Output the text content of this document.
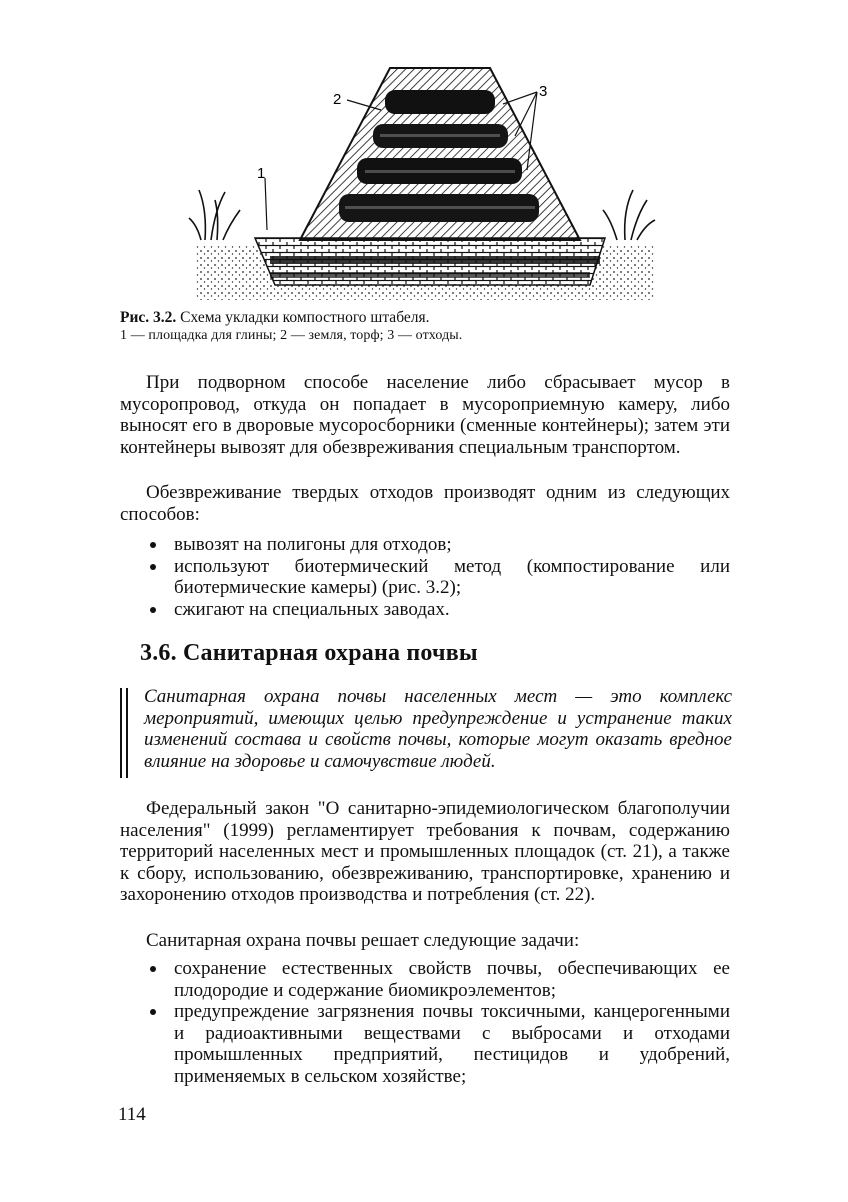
1
2	3
Рис. 3.2. Схема укладки компостного штабеля.
1 — площадка для глины; 2 — земля, торф; 3 — отходы.

При подворном способе население либо сбрасывает мусор в мусоропровод, откуда он попадает в мусороприемную камеру, либо выносят его в дворовые мусоросборники (сменные контейнеры); затем эти контейнеры вывозят для обезвреживания специальным транспортом.

Обезвреживание твердых отходов производят одним из следующих способов:

вывозят на полигоны для отходов;
используют биотермический метод (компостирование или биотермические камеры) (рис. 3.2);
сжигают на специальных заводах.
3.6. Санитарная охрана почвы

Санитарная охрана почвы населенных мест — это комплекс мероприятий, имеющих целью предупреждение и устранение таких изменений состава и свойств почвы, которые могут оказать вредное влияние на здоровье и самочувствие людей.

Федеральный закон "О санитарно-эпидемиологическом благополучии населения" (1999) регламентирует требования к почвам, содержанию территорий населенных мест и промышленных площадок (ст. 21), а также к сбору, использованию, обезвреживанию, транспортировке, хранению и захоронению отходов производства и потребления (ст. 22).

Санитарная охрана почвы решает следующие задачи:

сохранение естественных свойств почвы, обеспечивающих ее плодородие и содержание биомикроэлементов;
предупреждение загрязнения почвы токсичными, канцерогенными и радиоактивными веществами с выбросами и отходами промышленных предприятий, пестицидов и удобрений, применяемых в сельском хозяйстве;
114
